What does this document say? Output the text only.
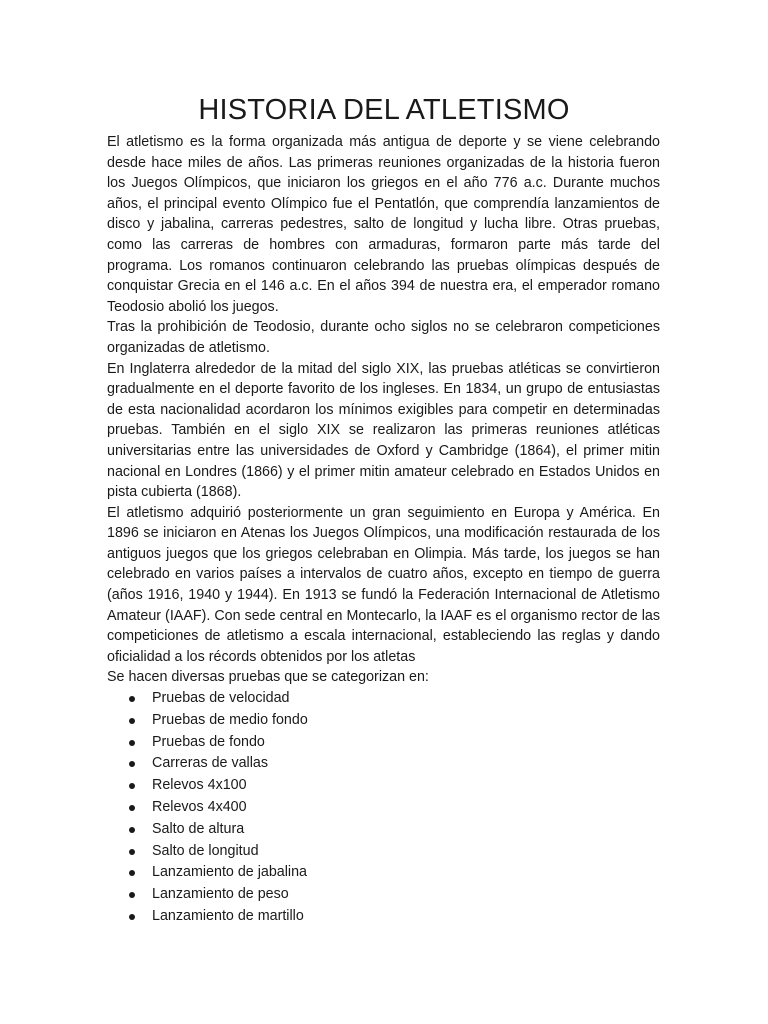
HISTORIA DEL ATLETISMO

El atletismo es la forma organizada más antigua de deporte y se viene celebrando desde hace miles de años. Las primeras reuniones organizadas de la historia fueron los Juegos Olímpicos, que iniciaron los griegos en el año 776 a.c. Durante muchos años, el principal evento Olímpico fue el Pentatlón, que comprendía lanzamientos de disco y jabalina, carreras pedestres, salto de longitud y lucha libre. Otras pruebas, como las carreras de hombres con armaduras, formaron parte más tarde del programa. Los romanos continuaron celebrando las pruebas olímpicas después de conquistar Grecia en el 146 a.c. En el años 394 de nuestra era, el emperador romano Teodosio abolió los juegos.

Tras la prohibición de Teodosio, durante ocho siglos no se celebraron competiciones organizadas de atletismo.

En Inglaterra alrededor de la mitad del siglo XIX, las pruebas atléticas se convirtieron gradualmente en el deporte favorito de los ingleses. En 1834, un grupo de entusiastas de esta nacionalidad acordaron los mínimos exigibles para competir en determinadas pruebas. También en el siglo XIX se realizaron las primeras reuniones atléticas universitarias entre las universidades de Oxford y Cambridge (1864), el primer mitin nacional en Londres (1866) y el primer mitin amateur celebrado en Estados Unidos en pista cubierta (1868).

El atletismo adquirió posteriormente un gran seguimiento en Europa y América. En 1896 se iniciaron en Atenas los Juegos Olímpicos, una modificación restaurada de los antiguos juegos que los griegos celebraban en Olimpia. Más tarde, los juegos se han celebrado en varios países a intervalos de cuatro años, excepto en tiempo de guerra (años 1916, 1940 y 1944). En 1913 se fundó la Federación Internacional de Atletismo Amateur (IAAF). Con sede central en Montecarlo, la IAAF es el organismo rector de las competiciones de atletismo a escala internacional, estableciendo las reglas y dando oficialidad a los récords obtenidos por los atletas

Se hacen diversas pruebas que se categorizan en:

Pruebas de velocidad
Pruebas de medio fondo
Pruebas de fondo
Carreras de vallas
Relevos 4x100
Relevos 4x400
Salto de altura
Salto de longitud
Lanzamiento de jabalina
Lanzamiento de peso
Lanzamiento de martillo
